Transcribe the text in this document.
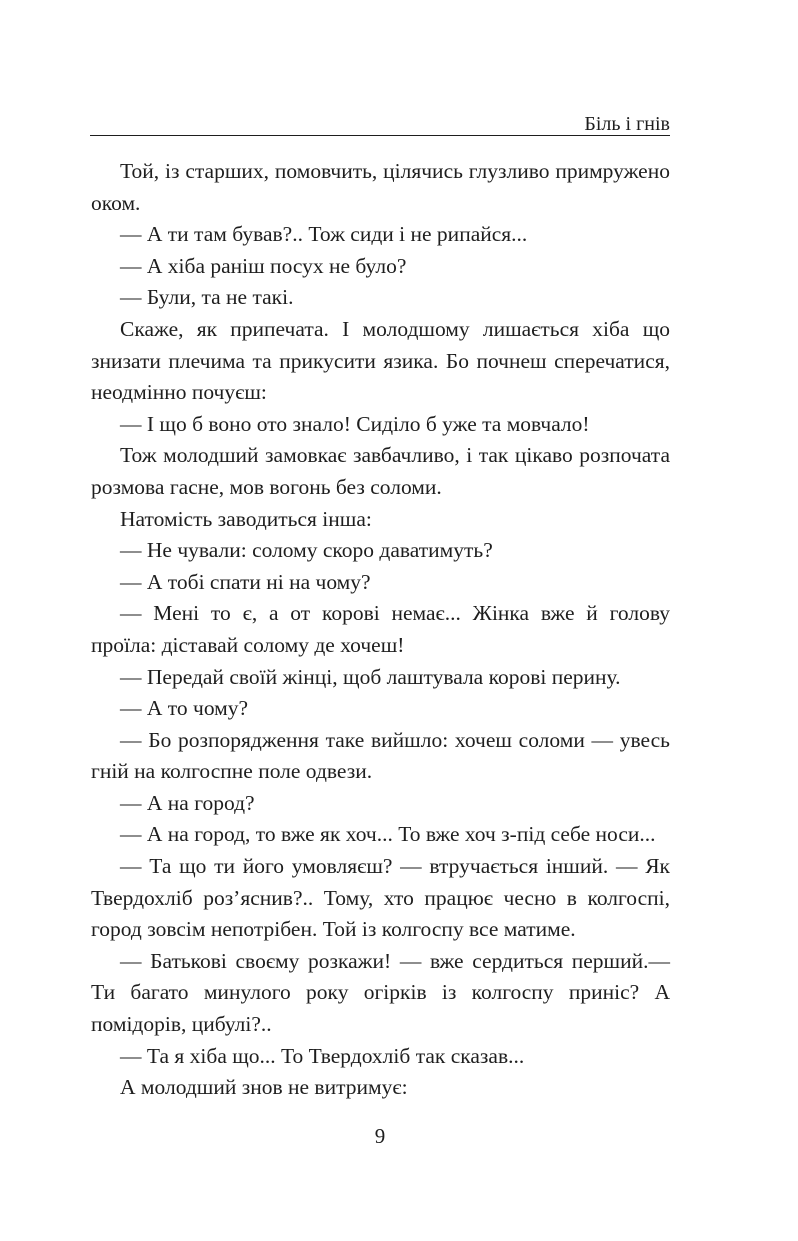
Біль і гнів

Той, із старших, помовчить, цілячись глузливо примружено оком.

— А ти там бував?.. Тож сиди і не рипайся...

— А хіба раніш посух не було?

— Були, та не такі.

Скаже, як припечата. І молодшому лишається хіба що знизати плечима та прикусити язика. Бо почнеш сперечатися, неодмінно почуєш:

— І що б воно ото знало! Сиділо б уже та мовчало!

Тож молодший замовкає завбачливо, і так цікаво розпочата розмова гасне, мов вогонь без соломи.

Натомість заводиться інша:

— Не чували: солому скоро даватимуть?

— А тобі спати ні на чому?

— Мені то є, а от корові немає... Жінка вже й голову проїла: діставай солому де хочеш!

— Передай своїй жінці, щоб лаштувала корові перину.

— А то чому?

— Бо розпорядження таке вийшло: хочеш соломи — увесь гній на колгоспне поле одвези.

— А на город?

— А на город, то вже як хоч... То вже хоч з-під себе носи...

— Та що ти його умовляєш? — втручається інший. — Як Твердохліб роз’яснив?.. Тому, хто працює чесно в колгоспі, город зовсім непотрібен. Той із колгоспу все матиме.

— Батькові своєму розкажи! — вже сердиться перший.— Ти багато минулого року огірків із колгоспу приніс? А помідорів, цибулі?..

— Та я хіба що... То Твердохліб так сказав...

А молодший знов не витримує:

9
